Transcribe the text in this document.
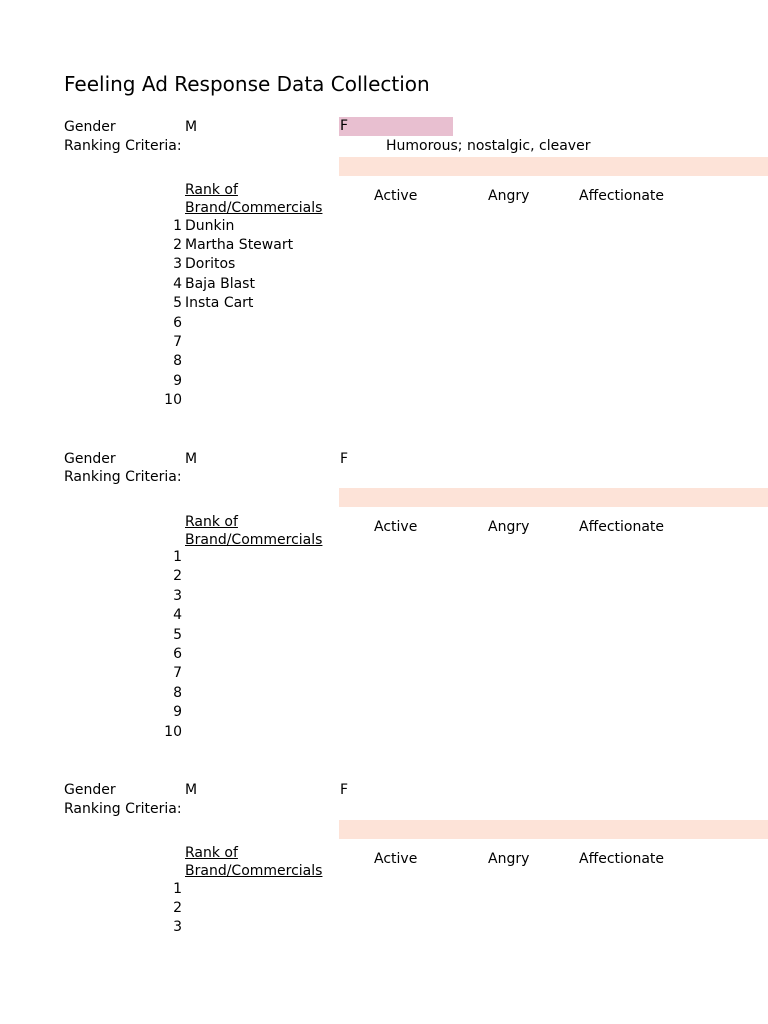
Feeling Ad Response Data Collection
Gender	M	F
Ranking Criteria:	Humorous; nostalgic, cleaver
Rank of
Brand/Commercials
Active	Angry	Affectionate
1 Dunkin
2 Martha Stewart
3 Doritos
4 Baja Blast
5 Insta Cart
6
7
8
9
10
Gender	M	F
Ranking Criteria:
Rank of
Brand/Commercials
Active	Angry	Affectionate
1
2
3
4
5
6
7
8
9
10
Gender	M	F
Ranking Criteria:
Rank of
Brand/Commercials
Active	Angry	Affectionate
1
2
3
